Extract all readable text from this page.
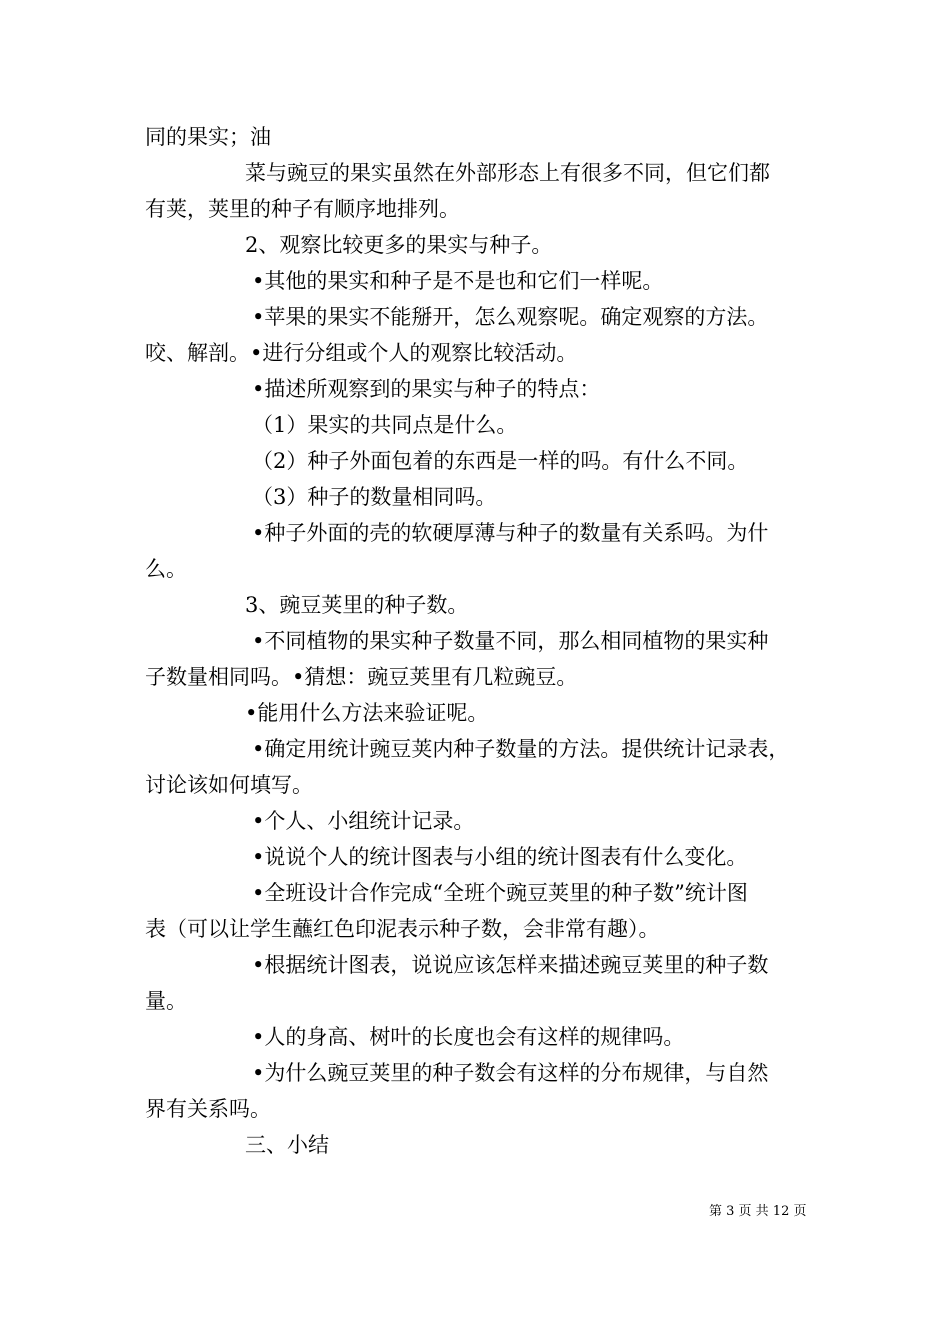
同的果实；油
菜与豌豆的果实虽然在外部形态上有很多不同，但它们都
有荚，荚里的种子有顺序地排列。
2、观察比较更多的果实与种子。
•其他的果实和种子是不是也和它们一样呢。
•苹果的果实不能掰开，怎么观察呢。确定观察的方法。
咬、解剖。•进行分组或个人的观察比较活动。
•描述所观察到的果实与种子的特点：
（1）果实的共同点是什么。
（2）种子外面包着的东西是一样的吗。有什么不同。
（3）种子的数量相同吗。
•种子外面的壳的软硬厚薄与种子的数量有关系吗。为什
么。
3、豌豆荚里的种子数。
•不同植物的果实种子数量不同，那么相同植物的果实种
子数量相同吗。•猜想：豌豆荚里有几粒豌豆。
•能用什么方法来验证呢。
•确定用统计豌豆荚内种子数量的方法。提供统计记录表，
讨论该如何填写。
•个人、小组统计记录。
•说说个人的统计图表与小组的统计图表有什么变化。
•全班设计合作完成“全班个豌豆荚里的种子数”统计图
表（可以让学生蘸红色印泥表示种子数，会非常有趣）。
•根据统计图表，说说应该怎样来描述豌豆荚里的种子数
量。
•人的身高、树叶的长度也会有这样的规律吗。
•为什么豌豆荚里的种子数会有这样的分布规律，与自然
界有关系吗。
三、小结
第 3 页 共 12 页
